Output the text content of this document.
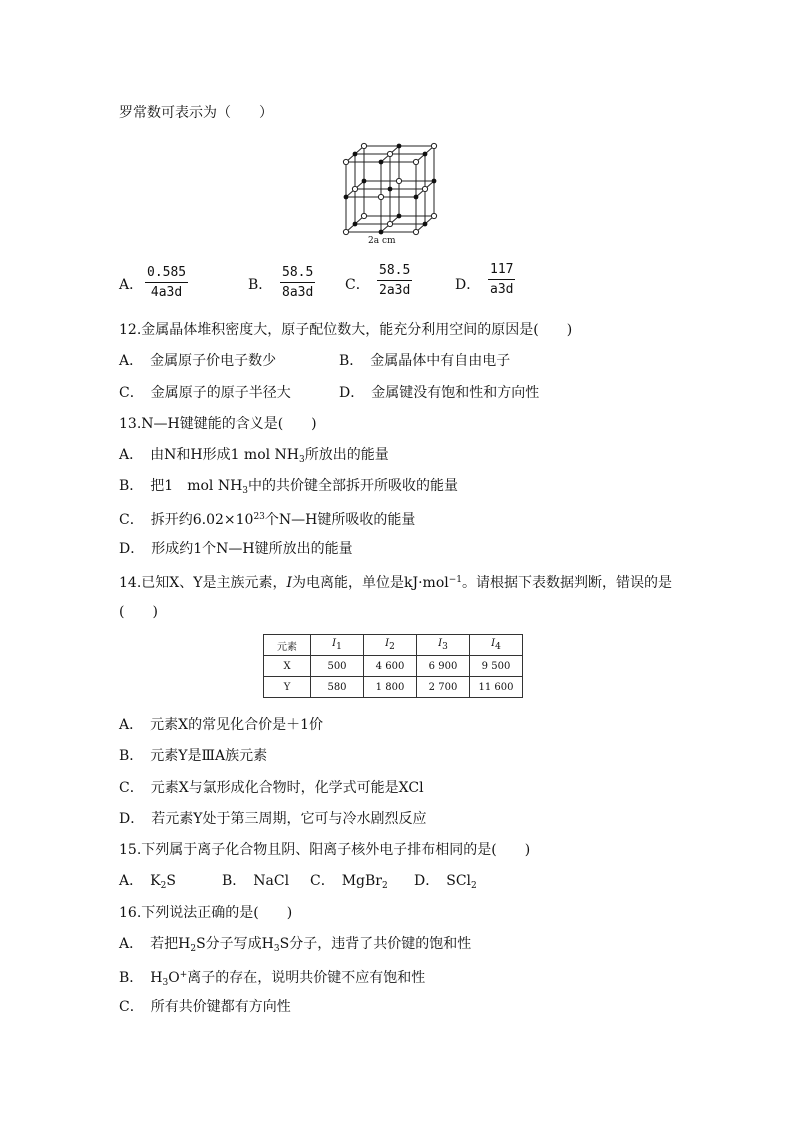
罗常数可表示为（　　）
2a cm
A． $\frac{0.585}{4a3d}$	B． $\frac{58.5}{8a3d}$ C． $\frac{58.5}{2a3d}$	D． $\frac{117}{a3d}$
12.金属晶体堆积密度大，原子配位数大，能充分利用空间的原因是(　　)
A．　金属原子价电子数少	B．　金属晶体中有自由电子
C．　金属原子的原子半径大	D．　金属键没有饱和性和方向性
13.N—H键键能的含义是(　　)
A．　由N和H形成1 mol $NH_3$所放出的能量
B．　把1　mol $NH_3$中的共价键全部拆开所吸收的能量
C．　拆开约$6.02\times 10^{23}$个N—H键所吸收的能量
D．　形成约1个N—H键所放出的能量
14.已知X、Y是主族元素，I为电离能，单位是kJ·mol$^{-1}$。请根据下表数据判断，错误的是
(　　)
元素	$I_1$	$I_2$	$I_3$	$I_4$
X	500	4 600	6 900	9 500
Y	580	1 800	2 700	11 600
A．　元素X的常见化合价是＋1价
B．　元素Y是ⅢA族元素
C．　元素X与氯形成化合物时，化学式可能是XCl
D．　若元素Y处于第三周期，它可与冷水剧烈反应
15.下列属于离子化合物且阴、阳离子核外电子排布相同的是(　　)
A．　$K_2S$	B．　NaCl C．　MgBr$_2$ D．　SCl$_2$
16.下列说法正确的是(　　)
A．　若把$H_2S$分子写成$H_3S$分子，违背了共价键的饱和性
B．　$H_3O^+$离子的存在，说明共价键不应有饱和性
C．　所有共价键都有方向性
